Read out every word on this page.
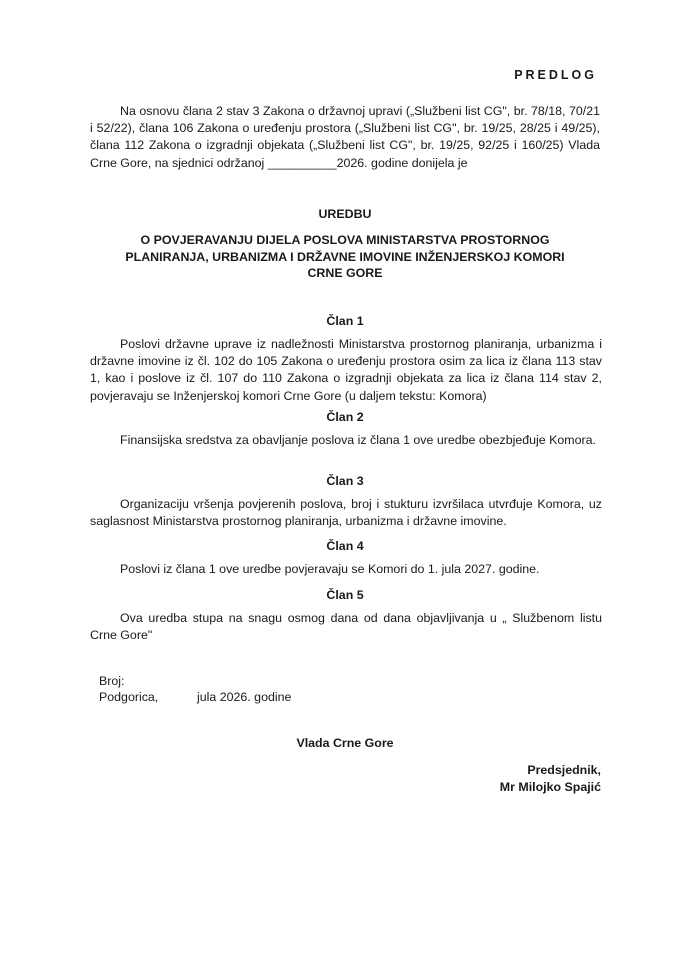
PREDLOG
Na osnovu člana 2 stav 3 Zakona o državnoj upravi („Službeni list CG", br. 78/18, 70/21 i 52/22), člana 106 Zakona o uređenju prostora („Službeni list CG", br. 19/25, 28/25 i 49/25), člana 112 Zakona o izgradnji objekata („Službeni list CG", br. 19/25, 92/25 i 160/25) Vlada Crne Gore, na sjednici održanoj __________2026. godine donijela je
UREDBU
O POVJERAVANJU DIJELA POSLOVA MINISTARSTVA PROSTORNOG PLANIRANJA, URBANIZMA I DRŽAVNE IMOVINE INŽENJERSKOJ KOMORI CRNE GORE
Član 1
Poslovi državne uprave iz nadležnosti Ministarstva prostornog planiranja, urbanizma i državne imovine iz čl. 102 do 105 Zakona o uređenju prostora osim za lica iz člana 113 stav 1, kao i poslove iz čl. 107 do 110 Zakona o izgradnji objekata za lica iz člana 114 stav 2, povjeravaju se Inženjerskoj komori Crne Gore (u daljem tekstu: Komora)
Član 2
Finansijska sredstva za obavljanje poslova iz člana 1 ove uredbe obezbjeđuje Komora.
Član 3
Organizaciju vršenja povjerenih poslova, broj i stukturu izvršilaca utvrđuje Komora, uz saglasnost Ministarstva prostornog planiranja, urbanizma i državne imovine.
Član 4
Poslovi iz člana 1 ove uredbe povjeravaju se Komori do 1. jula 2027. godine.
Član 5
Ova uredba stupa na snagu osmog dana od dana objavljivanja u „ Službenom listu Crne Gore"
Broj:
Podgorica,	jula 2026. godine
Vlada Crne Gore
Predsjednik,
Mr Milojko Spajić
